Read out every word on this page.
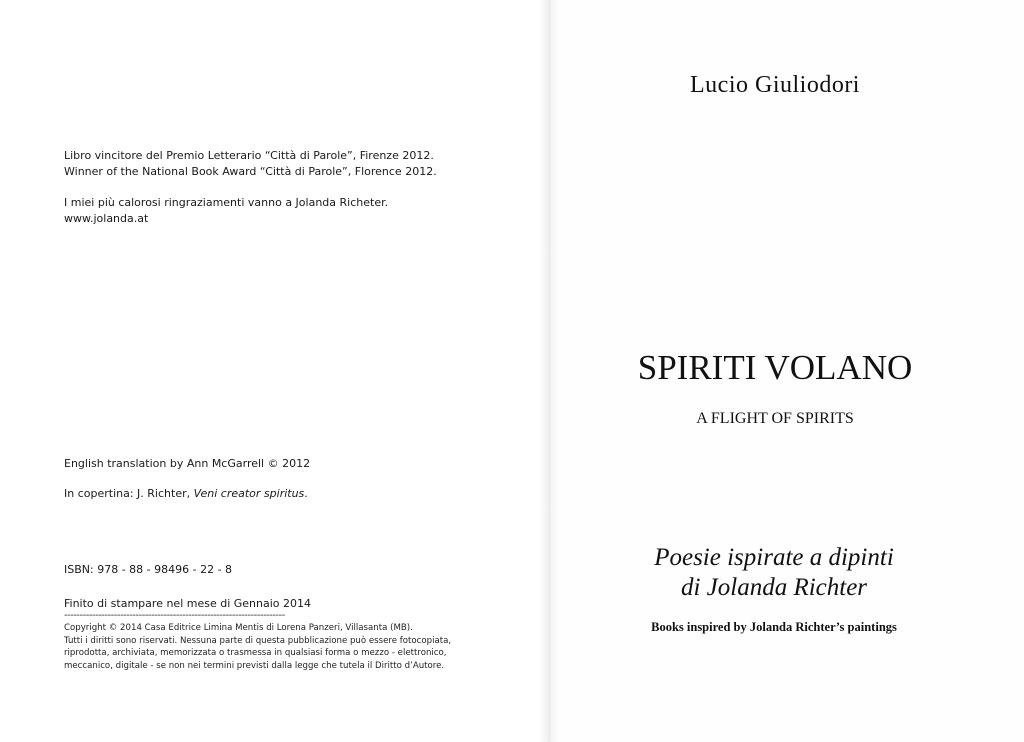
Libro vincitore del Premio Letterario “Città di Parole”, Firenze 2012.
Winner of the National Book Award “Città di Parole”, Florence 2012.
I miei più calorosi ringraziamenti vanno a Jolanda Richeter.
www.jolanda.at
English translation by Ann McGarrell © 2012
In copertina: J. Richter, Veni creator spiritus.
ISBN: 978 - 88 - 98496 - 22 - 8
Finito di stampare nel mese di Gennaio 2014
-----------------------------------------------------------------------
Copyright © 2014 Casa Editrice Limina Mentis di Lorena Panzeri, Villasanta (MB).
Tutti i diritti sono riservati. Nessuna parte di questa pubblicazione può essere fotocopiata,
riprodotta, archiviata, memorizzata o trasmessa in qualsiasi forma o mezzo - elettronico,
meccanico, digitale - se non nei termini previsti dalla legge che tutela il Diritto d’Autore.
Lucio Giuliodori
SPIRITI VOLANO
A FLIGHT OF SPIRITS
Poesie ispirate a dipinti
di Jolanda Richter
Books inspired by Jolanda Richter’s paintings
